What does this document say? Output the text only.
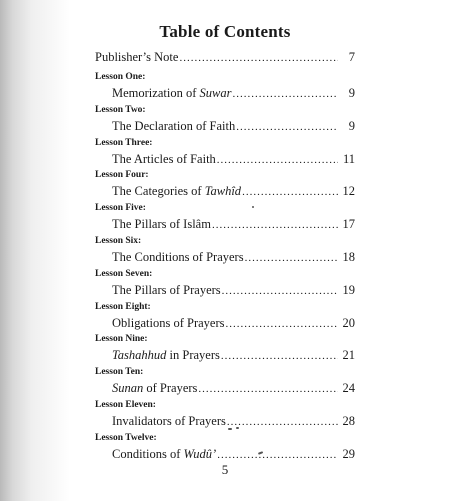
Table of Contents
Publisher’s Note .....	7
Lesson One:
Memorization of Suwar .....	9
Lesson Two:
The Declaration of Faith .....	9
Lesson Three:
The Articles of Faith .....	11
Lesson Four:
The Categories of Tawhîd .....	12
Lesson Five:
The Pillars of Islâm .....	17
Lesson Six:
The Conditions of Prayers .....	18
Lesson Seven:
The Pillars of Prayers .....	19
Lesson Eight:
Obligations of Prayers .....	20
Lesson Nine:
Tashahhud in Prayers .....	21
Lesson Ten:
Sunan of Prayers .....	24
Lesson Eleven:
Invalidators of Prayers .....	28
Lesson Twelve:
Conditions of Wudû’ .....	29
5
